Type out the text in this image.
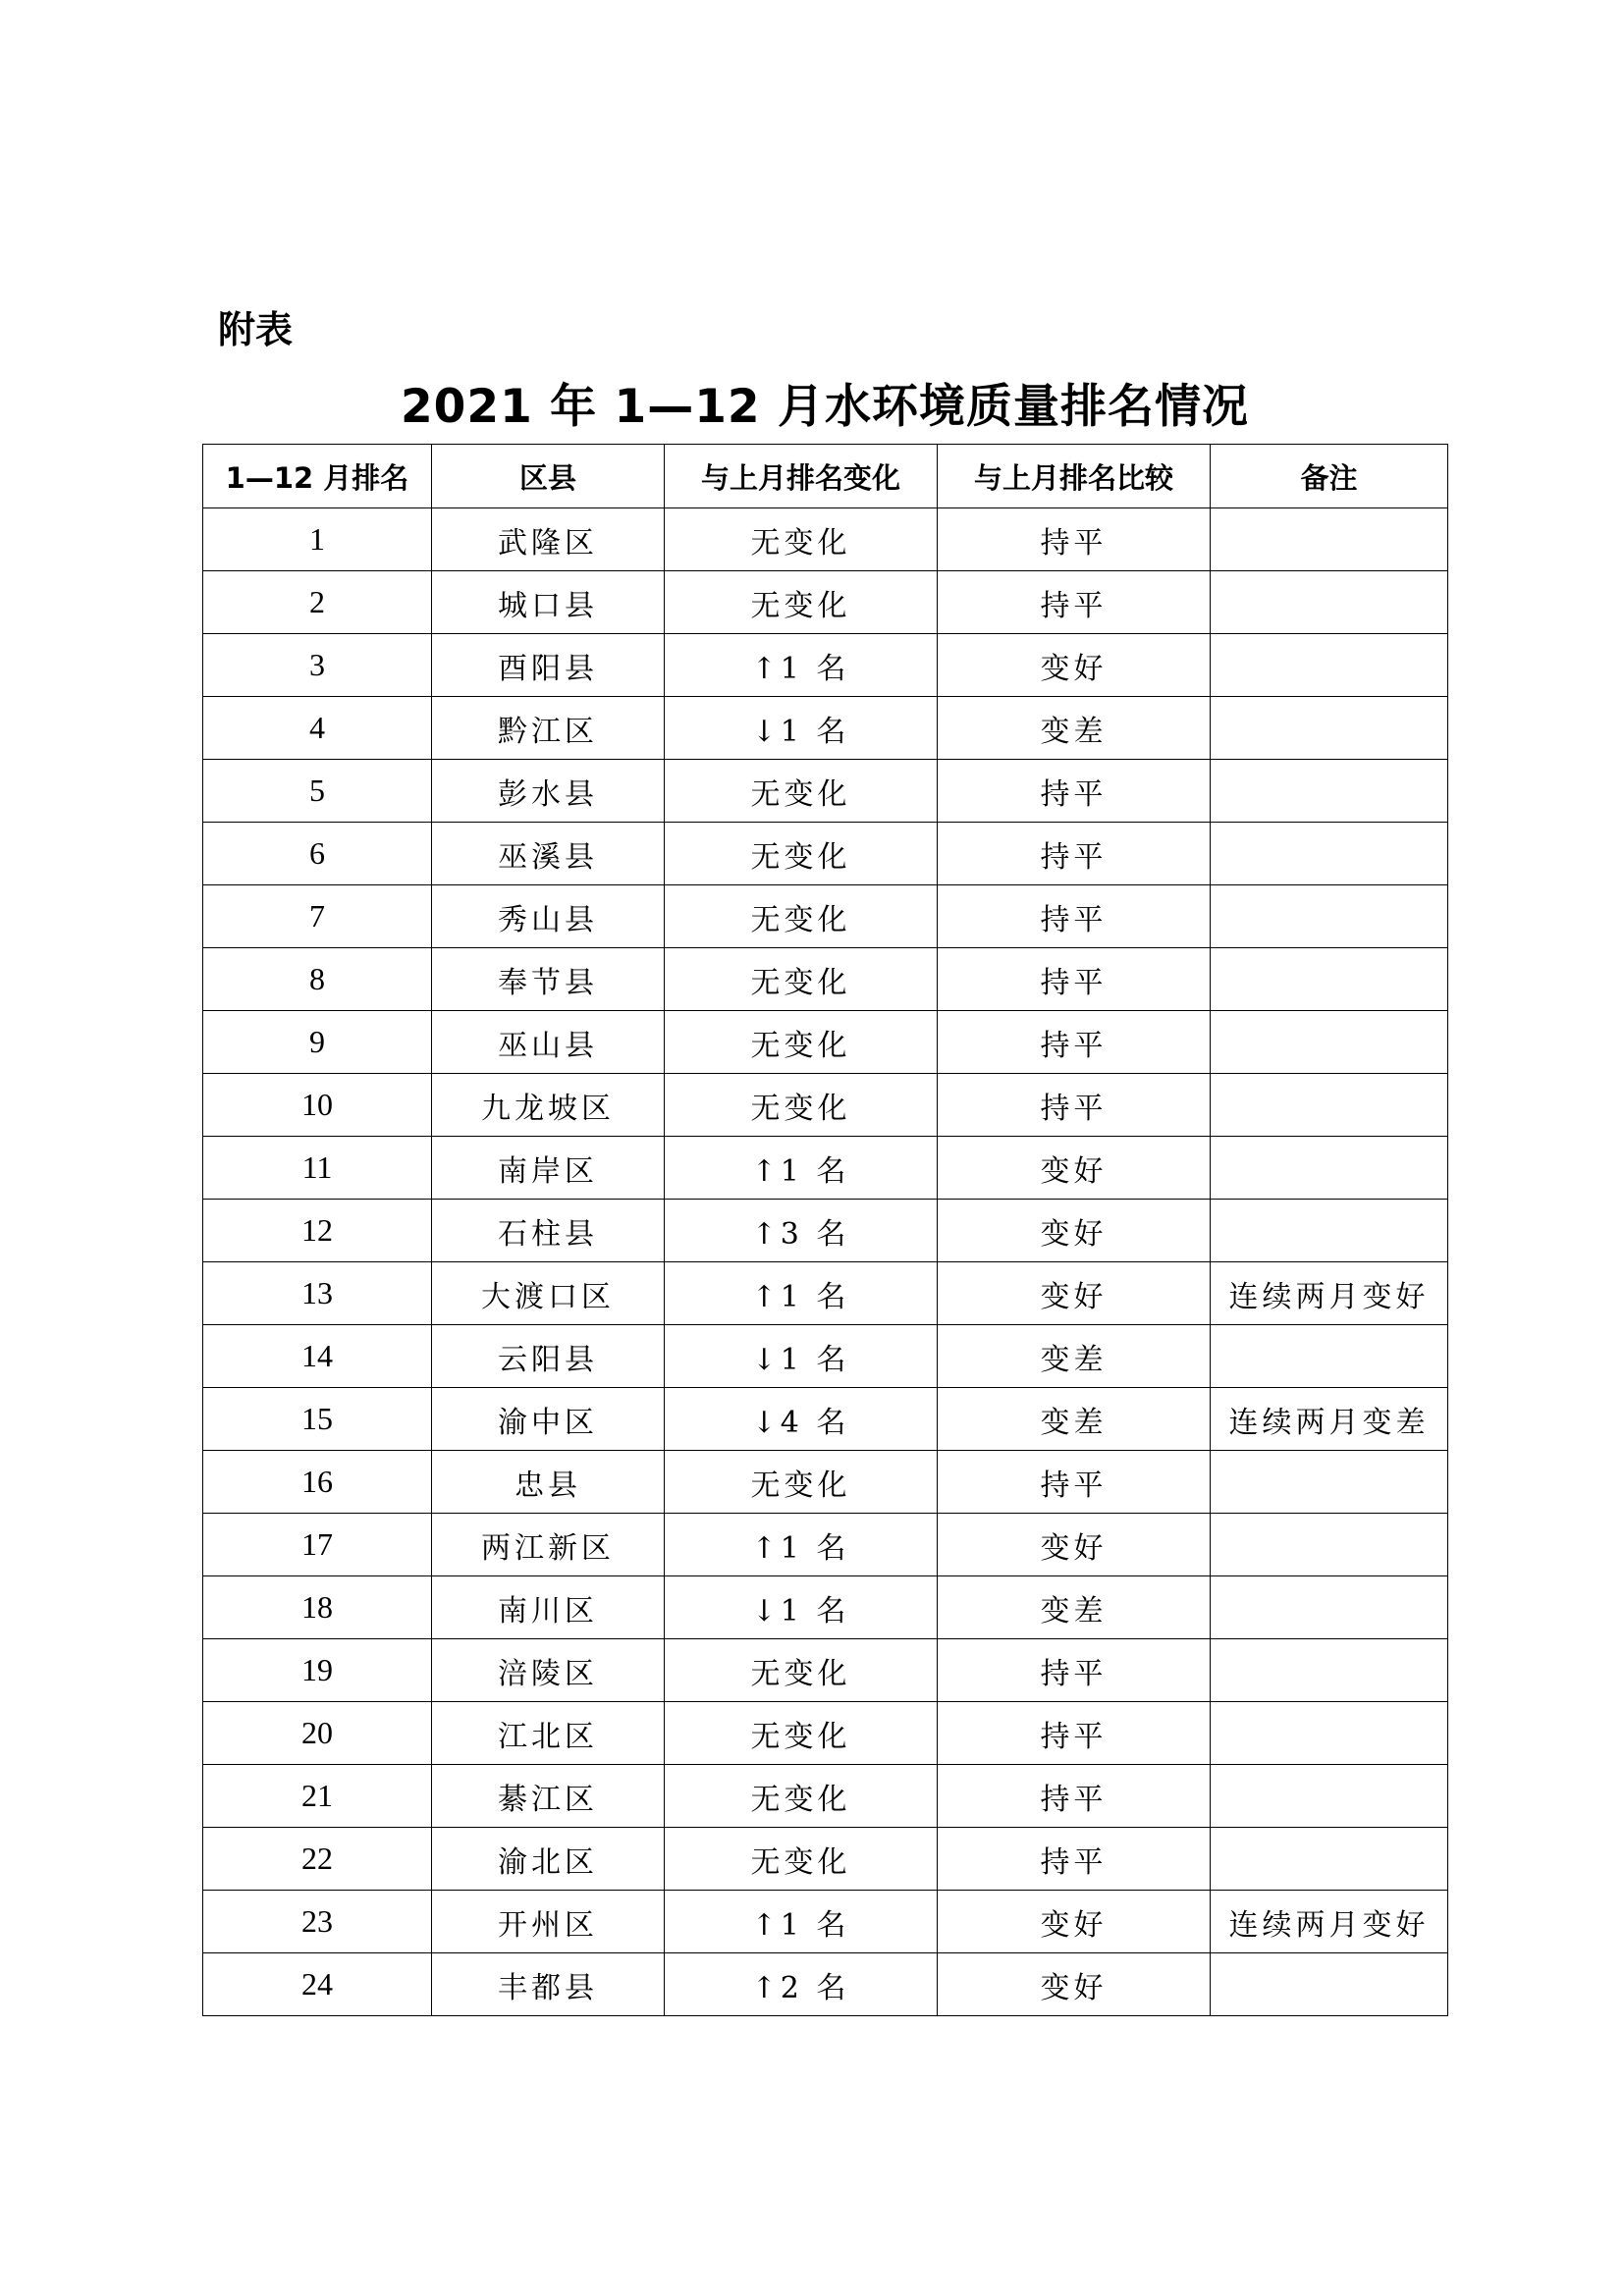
附表
2021 年 1—12 月水环境质量排名情况
1—12 月排名	区县	与上月排名变化	与上月排名比较	备注
1	武隆区	无变化	持平	
2	城口县	无变化	持平	
3	酉阳县	↑1 名	变好	
4	黔江区	↓1 名	变差	
5	彭水县	无变化	持平	
6	巫溪县	无变化	持平	
7	秀山县	无变化	持平	
8	奉节县	无变化	持平	
9	巫山县	无变化	持平	
10	九龙坡区	无变化	持平	
11	南岸区	↑1 名	变好	
12	石柱县	↑3 名	变好	
13	大渡口区	↑1 名	变好	连续两月变好
14	云阳县	↓1 名	变差	
15	渝中区	↓4 名	变差	连续两月变差
16	忠县	无变化	持平	
17	两江新区	↑1 名	变好	
18	南川区	↓1 名	变差	
19	涪陵区	无变化	持平	
20	江北区	无变化	持平	
21	綦江区	无变化	持平	
22	渝北区	无变化	持平	
23	开州区	↑1 名	变好	连续两月变好
24	丰都县	↑2 名	变好	
